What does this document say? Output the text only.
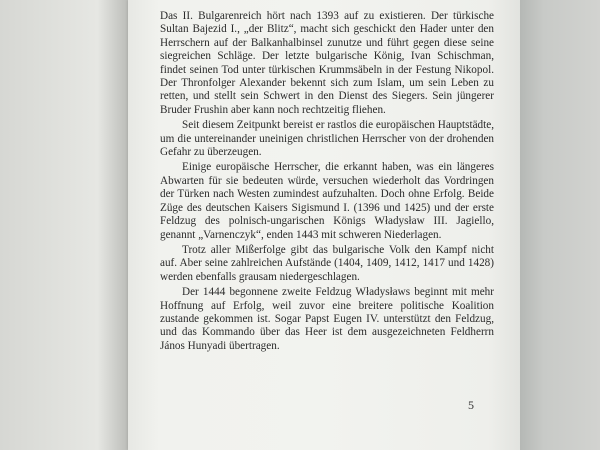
Das II. Bulgarenreich hört nach 1393 auf zu existieren. Der türkische Sultan Bajezid I., „der Blitz“, macht sich geschickt den Hader unter den Herrschern auf der Balkanhalbinsel zunutze und führt gegen diese seine siegreichen Schläge. Der letzte bulgarische König, Ivan Schischman, findet seinen Tod unter türkischen Krummsäbeln in der Festung Nikopol. Der Thronfolger Alexander bekennt sich zum Islam, um sein Leben zu retten, und stellt sein Schwert in den Dienst des Siegers. Sein jüngerer Bruder Frushin aber kann noch rechtzeitig fliehen.

Seit diesem Zeitpunkt bereist er rastlos die europäischen Hauptstädte, um die untereinander uneinigen christlichen Herrscher von der drohenden Gefahr zu überzeugen.

Einige europäische Herrscher, die erkannt haben, was ein längeres Abwarten für sie bedeuten würde, versuchen wiederholt das Vordringen der Türken nach Westen zumindest aufzuhalten. Doch ohne Erfolg. Beide Züge des deutschen Kaisers Sigismund I. (1396 und 1425) und der erste Feldzug des polnisch-ungarischen Königs Władysław III. Jagiello, genannt „Varnenczyk“, enden 1443 mit schweren Niederlagen.

Trotz aller Mißerfolge gibt das bulgarische Volk den Kampf nicht auf. Aber seine zahlreichen Aufstände (1404, 1409, 1412, 1417 und 1428) werden ebenfalls grausam niedergeschlagen.

Der 1444 begonnene zweite Feldzug Władysławs beginnt mit mehr Hoffnung auf Erfolg, weil zuvor eine breitere politische Koalition zustande gekommen ist. Sogar Papst Eugen IV. unterstützt den Feldzug, und das Kommando über das Heer ist dem ausgezeichneten Feldherrn János Hunyadi übertragen.

5
